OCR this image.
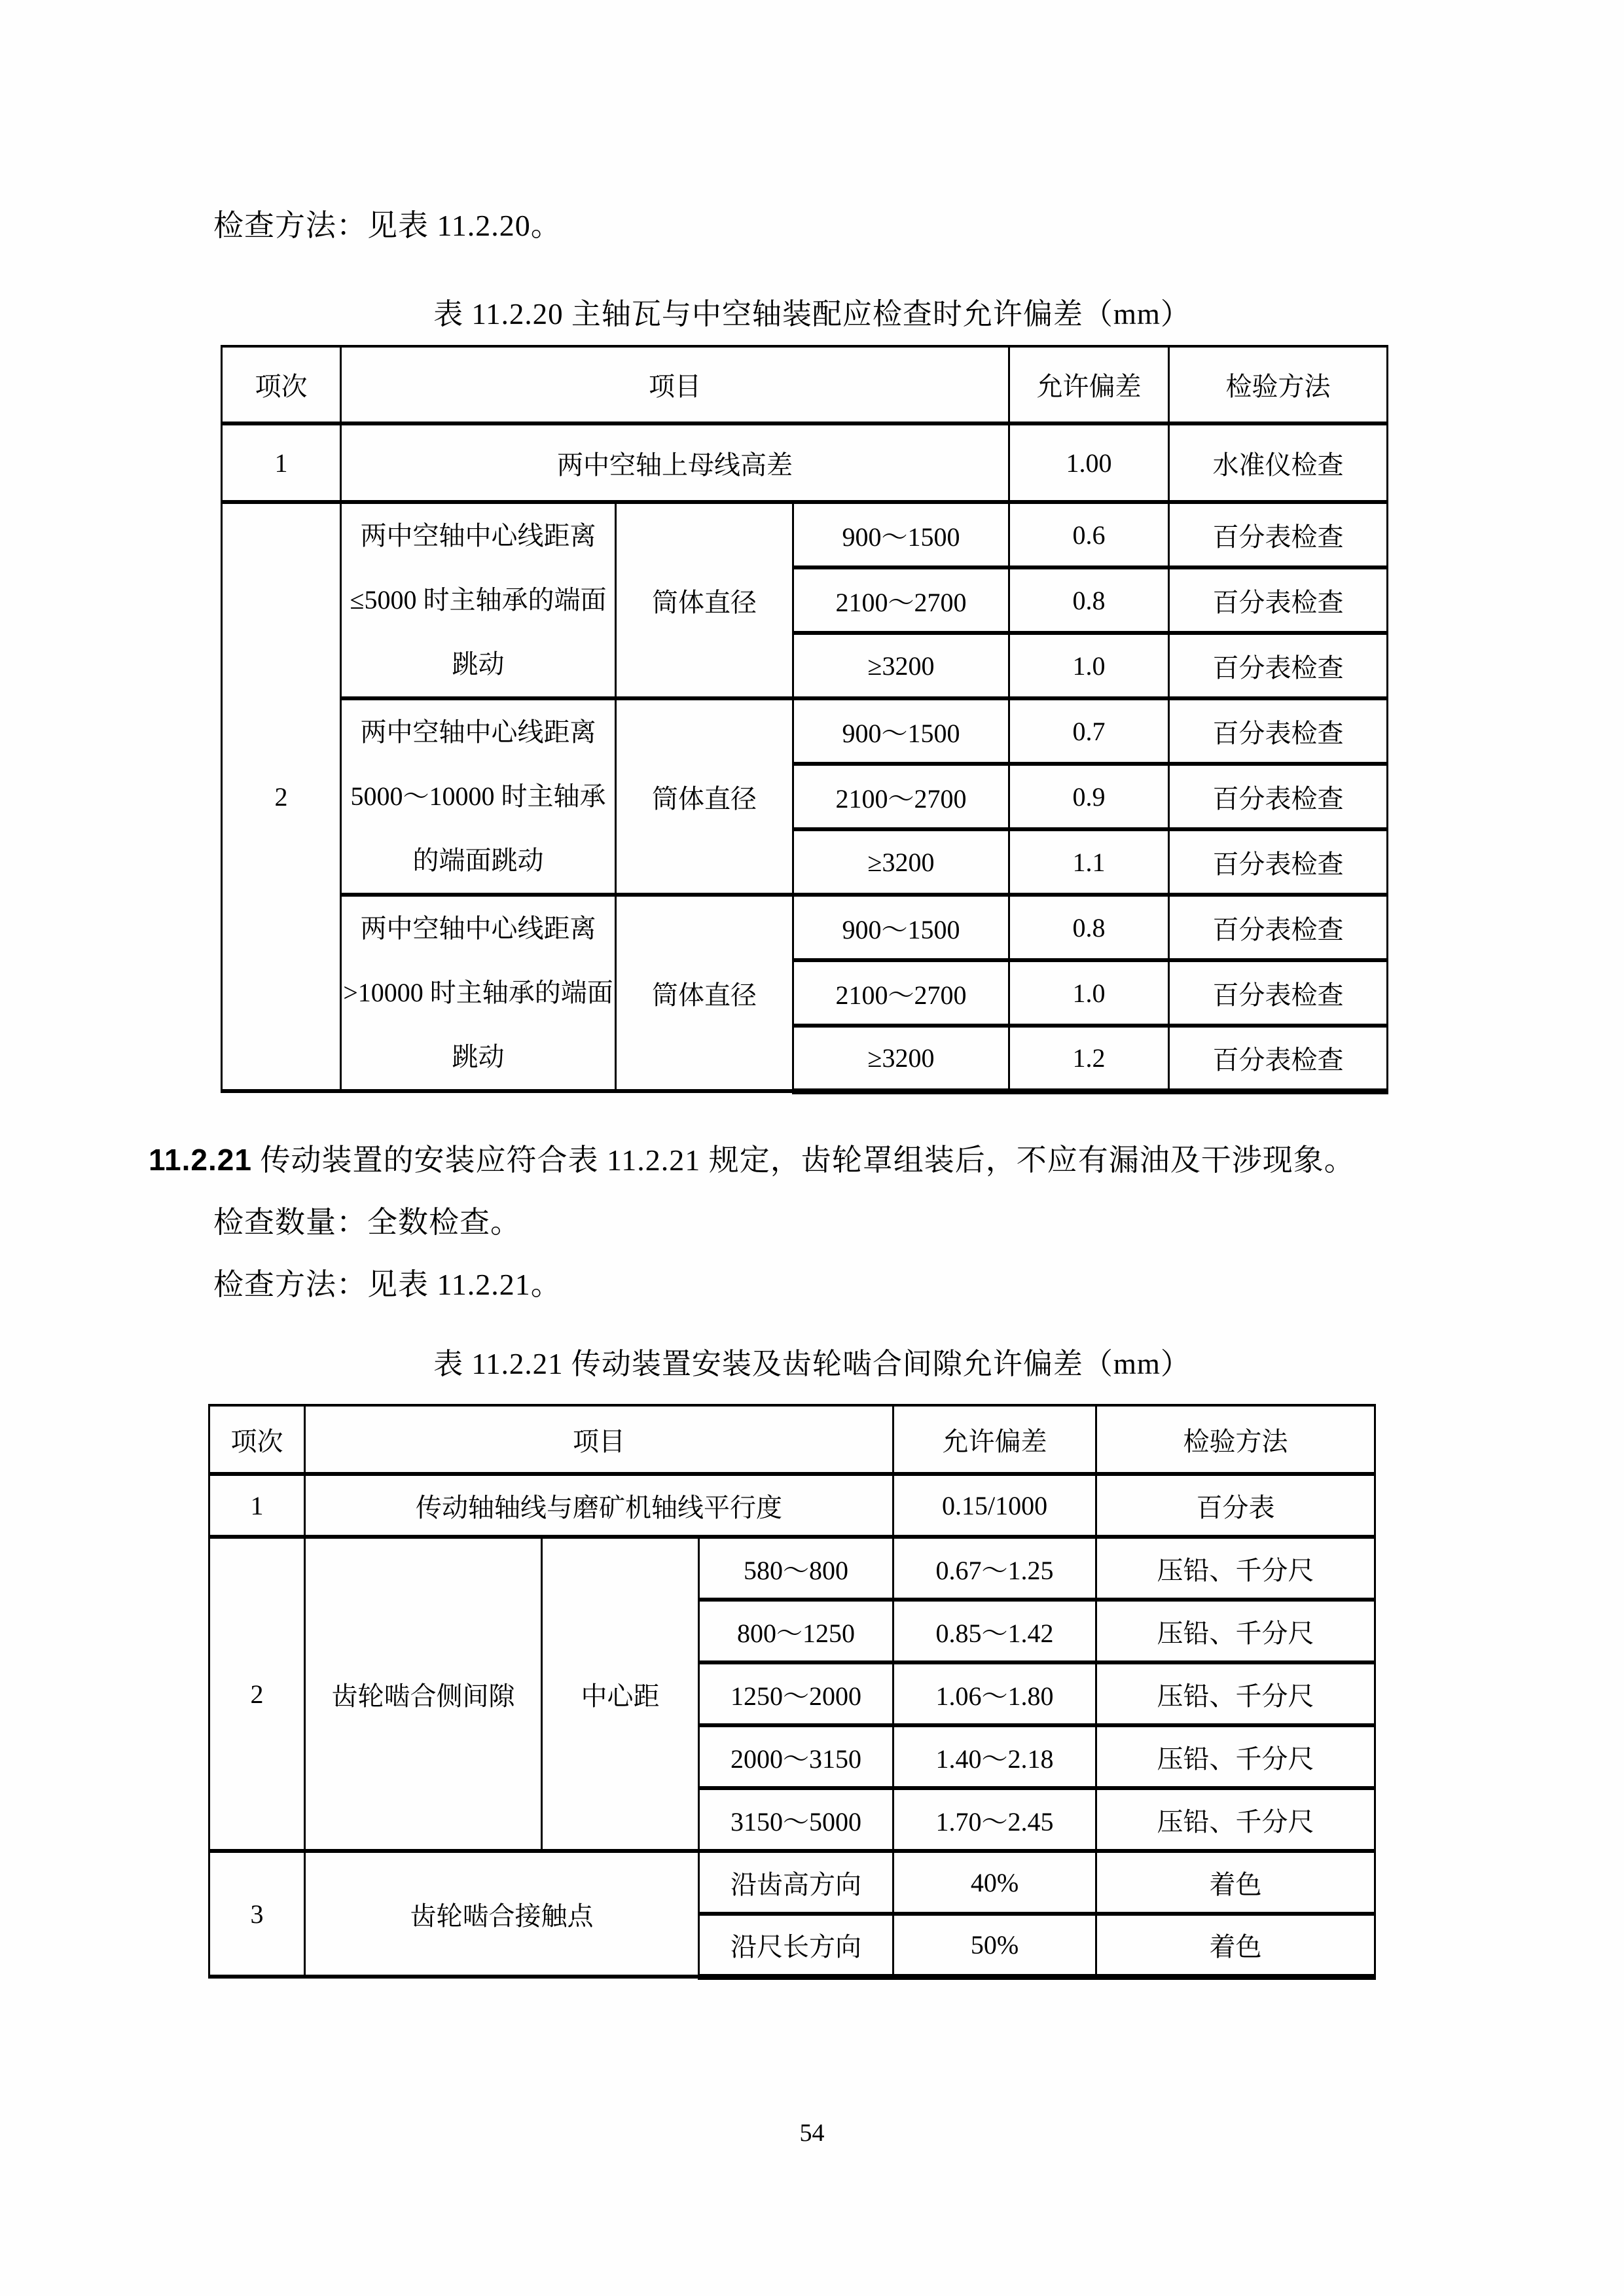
检查方法：见表 11.2.20。
表 11.2.20 主轴瓦与中空轴装配应检查时允许偏差（mm）
项次	项目			允许偏差	检验方法
1	两中空轴上母线高差			1.00	水准仪检查
2	两中空轴中心线距离≤5000 时主轴承的端面跳动	筒体直径	900～1500	0.6	百分表检查
			2100～2700	0.8	百分表检查
			≥3200	1.0	百分表检查
	两中空轴中心线距离 5000～10000 时主轴承的端面跳动	筒体直径	900～1500	0.7	百分表检查
			2100～2700	0.9	百分表检查
			≥3200	1.1	百分表检查
	两中空轴中心线距离>10000 时主轴承的端面跳动	筒体直径	900～1500	0.8	百分表检查
			2100～2700	1.0	百分表检查
			≥3200	1.2	百分表检查
11.2.21 传动装置的安装应符合表 11.2.21 规定，齿轮罩组装后，不应有漏油及干涉现象。
检查数量：全数检查。
检查方法：见表 11.2.21。
表 11.2.21 传动装置安装及齿轮啮合间隙允许偏差（mm）
项次	项目			允许偏差	检验方法
1	传动轴轴线与磨矿机轴线平行度			0.15/1000	百分表
2	齿轮啮合侧间隙	中心距	580～800	0.67～1.25	压铅、千分尺
			800～1250	0.85～1.42	压铅、千分尺
			1250～2000	1.06～1.80	压铅、千分尺
			2000～3150	1.40～2.18	压铅、千分尺
			3150～5000	1.70～2.45	压铅、千分尺
3	齿轮啮合接触点		沿齿高方向	40%	着色
			沿尺长方向	50%	着色
54
